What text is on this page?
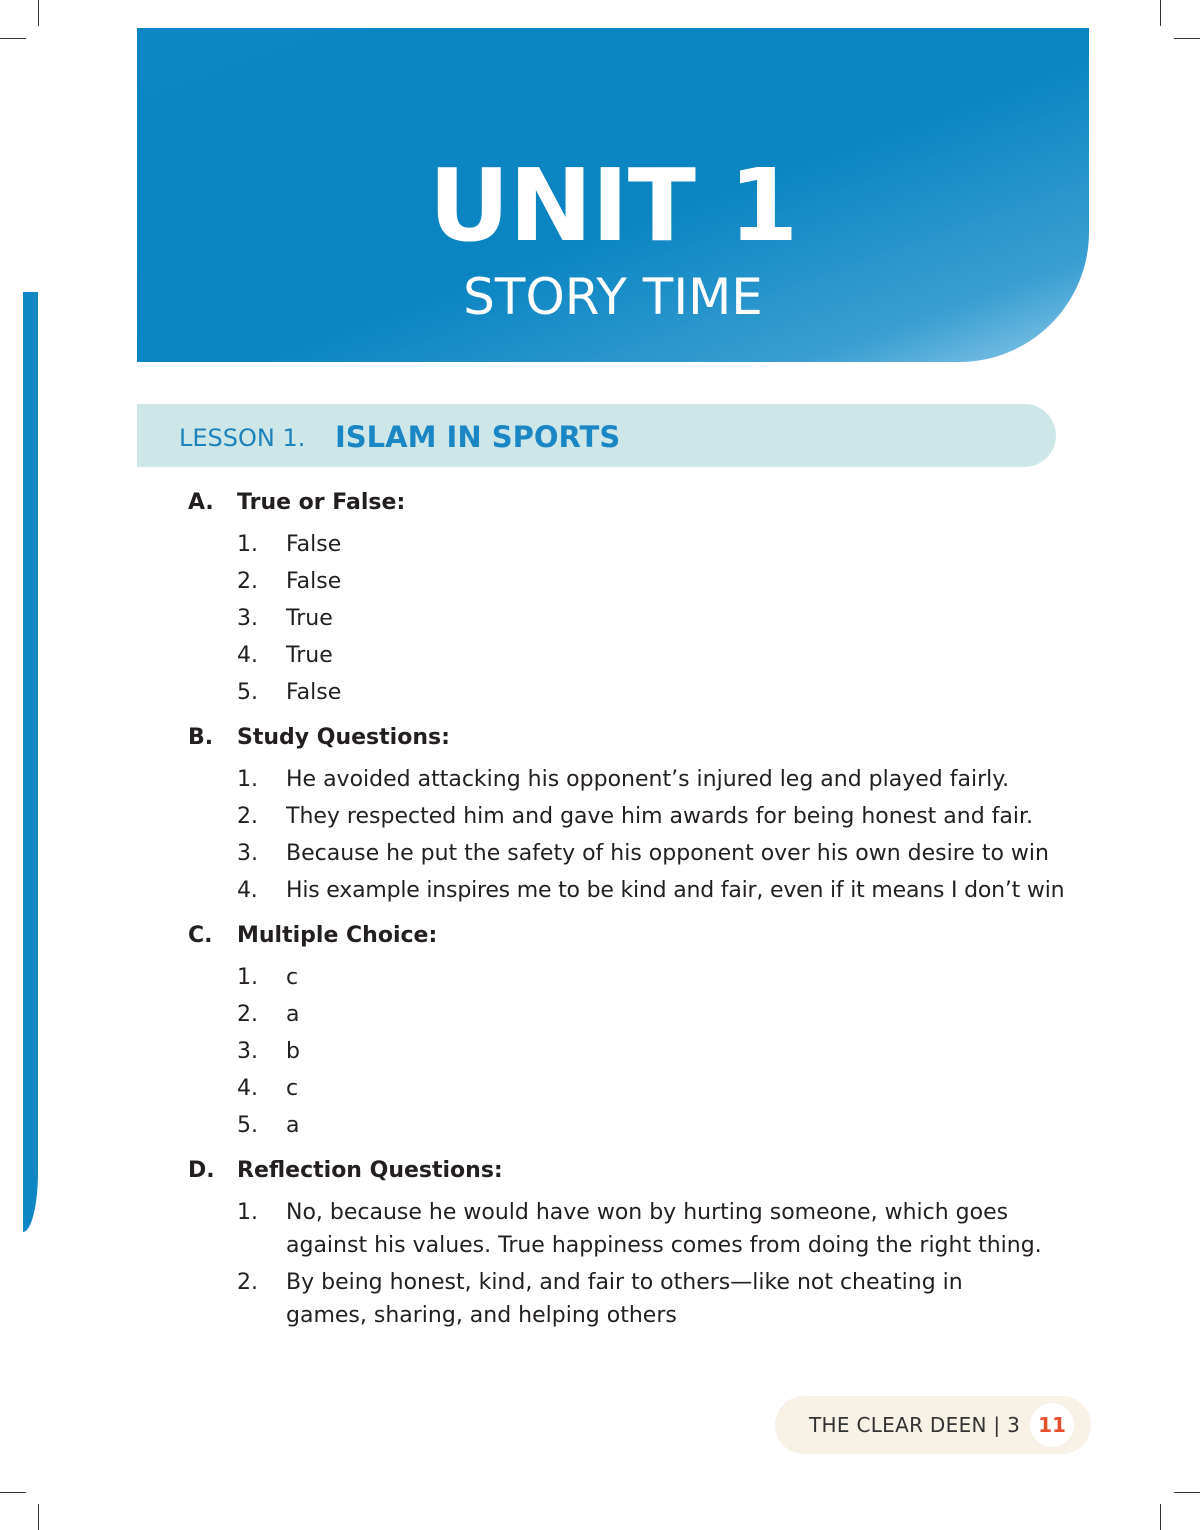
UNIT 1
STORY TIME
LESSON 1. ISLAM IN SPORTS
A. True or False:
1. False
2. False
3. True
4. True
5. False
B. Study Questions:
1. He avoided attacking his opponent’s injured leg and played fairly.
2. They respected him and gave him awards for being honest and fair.
3. Because he put the safety of his opponent over his own desire to win
4. His example inspires me to be kind and fair, even if it means I don’t win
C. Multiple Choice:
1. c
2. a
3. b
4. c
5. a
D. Reflection Questions:
1. No, because he would have won by hurting someone, which goes against his values. True happiness comes from doing the right thing.
2. By being honest, kind, and fair to others—like not cheating in games, sharing, and helping others
THE CLEAR DEEN | 3 11
